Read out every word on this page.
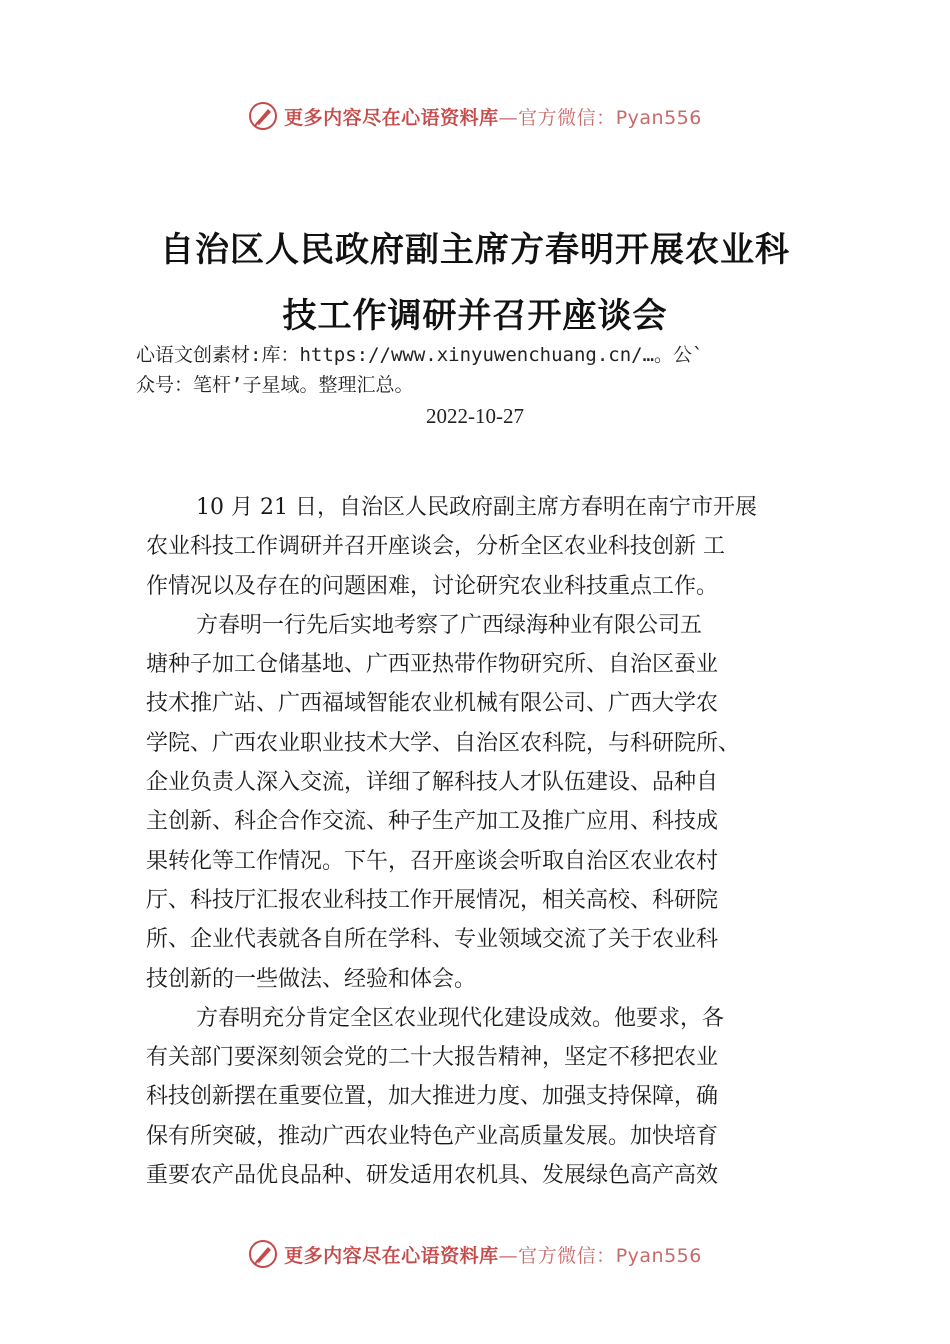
更多内容尽在心语资料库—官方微信：Pyan556
自治区人民政府副主席方春明开展农业科
技工作调研并召开座谈会
心语文创素材:库：https://www.xinyuwenchuang.cn/…。公`
众号：笔杆’子星域。整理汇总。
2022-10-27

10 月 21 日，自治区人民政府副主席方春明在南宁市开展
农业科技工作调研并召开座谈会，分析全区农业科技创新 工
作情况以及存在的问题困难，讨论研究农业科技重点工作。

方春明一行先后实地考察了广西绿海种业有限公司五
塘种子加工仓储基地、广西亚热带作物研究所、自治区蚕业
技术推广站、广西福域智能农业机械有限公司、广西大学农
学院、广西农业职业技术大学、自治区农科院，与科研院所、
企业负责人深入交流，详细了解科技人才队伍建设、品种自
主创新、科企合作交流、种子生产加工及推广应用、科技成
果转化等工作情况。下午，召开座谈会听取自治区农业农村
厅、科技厅汇报农业科技工作开展情况，相关高校、科研院
所、企业代表就各自所在学科、专业领域交流了关于农业科
技创新的一些做法、经验和体会。

方春明充分肯定全区农业现代化建设成效。他要求，各
有关部门要深刻领会党的二十大报告精神，坚定不移把农业
科技创新摆在重要位置，加大推进力度、加强支持保障，确
保有所突破，推动广西农业特色产业高质量发展。加快培育
重要农产品优良品种、研发适用农机具、发展绿色高产高效

更多内容尽在心语资料库—官方微信：Pyan556
